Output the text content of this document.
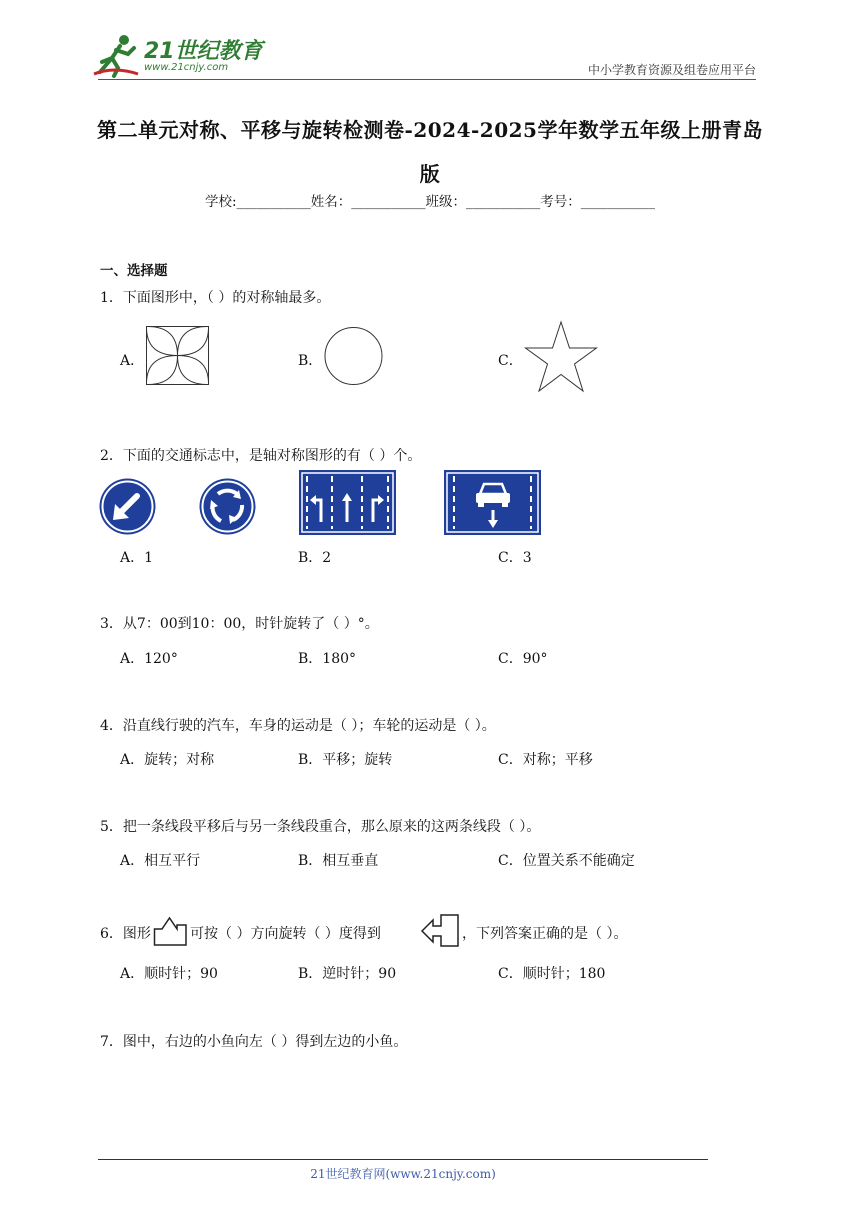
21世纪教育
www.21cnjy.com	中小学教育资源及组卷应用平台
第二单元对称、平移与旋转检测卷-2024-2025学年数学五年级上册青岛版
学校:___________姓名：___________班级：___________考号：___________
一、选择题
1．下面图形中，（ ）的对称轴最多。
A．	B．	C．
2．下面的交通标志中，是轴对称图形的有（ ）个。
A．1	B．2	C．3
3．从7：00到10：00，时针旋转了（ ）°。
A．120°	B．180°	C．90°
4．沿直线行驶的汽车，车身的运动是（ ）；车轮的运动是（ ）。
A．旋转；对称	B．平移；旋转	C．对称；平移
5．把一条线段平移后与另一条线段重合，那么原来的这两条线段（ ）。
A．相互平行	B．相互垂直	C．位置关系不能确定
6．图形	可按（ ）方向旋转（ ）度得到	，下列答案正确的是（ ）。
A．顺时针；90	B．逆时针；90	C．顺时针；180
7．图中，右边的小鱼向左（ ）得到左边的小鱼。
21世纪教育网(www.21cnjy.com)
